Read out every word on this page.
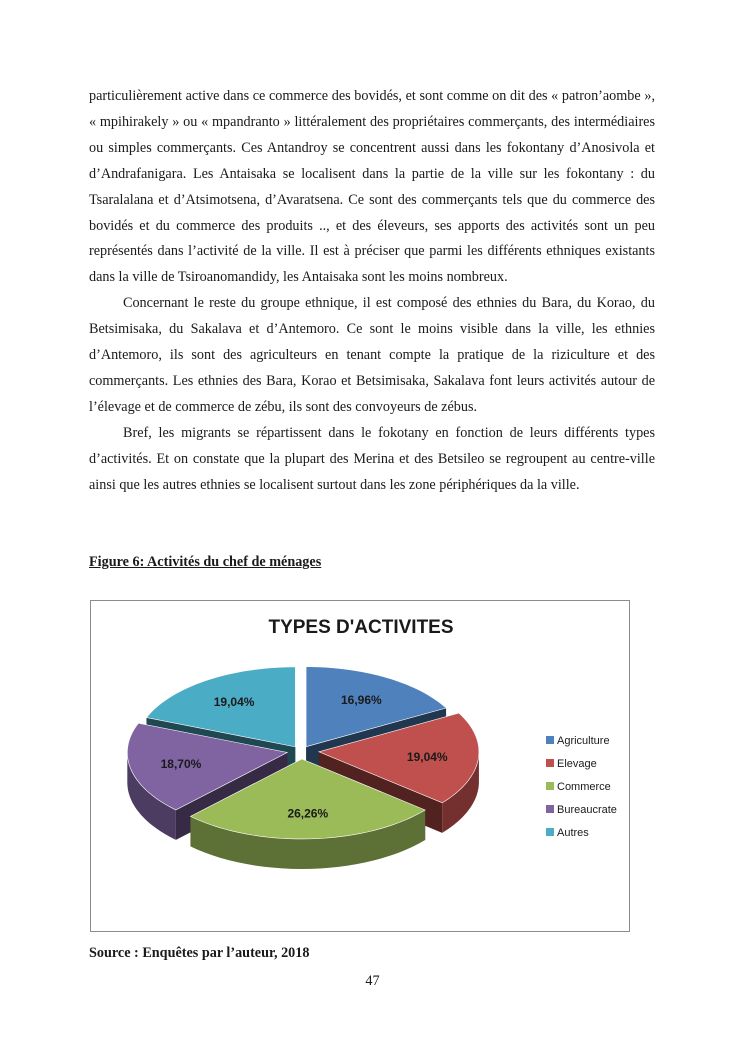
particulièrement active dans ce commerce des bovidés, et sont comme on dit des « patron’aombe », « mpihirakely » ou « mpandranto » littéralement des propriétaires commerçants, des intermédiaires ou simples commerçants. Ces Antandroy se concentrent aussi dans les fokontany d’Anosivola et d’Andrafanigara. Les Antaisaka se localisent dans la partie de la ville sur les fokontany : du Tsaralalana et d’Atsimotsena, d’Avaratsena. Ce sont des commerçants tels que du commerce des bovidés et du commerce des produits .., et des éleveurs, ses apports des activités sont un peu représentés dans l’activité de la ville. Il est à préciser que parmi les différents ethniques existants dans la ville de Tsiroanomandidy, les Antaisaka sont les moins nombreux.

Concernant le reste du groupe ethnique, il est composé des ethnies du Bara, du Korao, du Betsimisaka, du Sakalava et d’Antemoro. Ce sont le moins visible dans la ville, les ethnies d’Antemoro, ils sont des agriculteurs en tenant compte la pratique de la riziculture et des commerçants. Les ethnies des Bara, Korao et Betsimisaka, Sakalava font leurs activités autour de l’élevage et de commerce de zébu, ils sont des convoyeurs de zébus.

Bref, les migrants se répartissent dans le fokotany en fonction de leurs différents types d’activités. Et on constate que la plupart des Merina et des Betsileo se regroupent au centre-ville ainsi que les autres ethnies se localisent surtout dans les zone périphériques da la ville.

Figure 6: Activités du chef de ménages

TYPES D'ACTIVITES
16,96%
19,04%
26,26%
18,70%
19,04%
Agriculture
Elevage
Commerce
Bureaucrate
Autres

Source : Enquêtes par l’auteur, 2018

47
